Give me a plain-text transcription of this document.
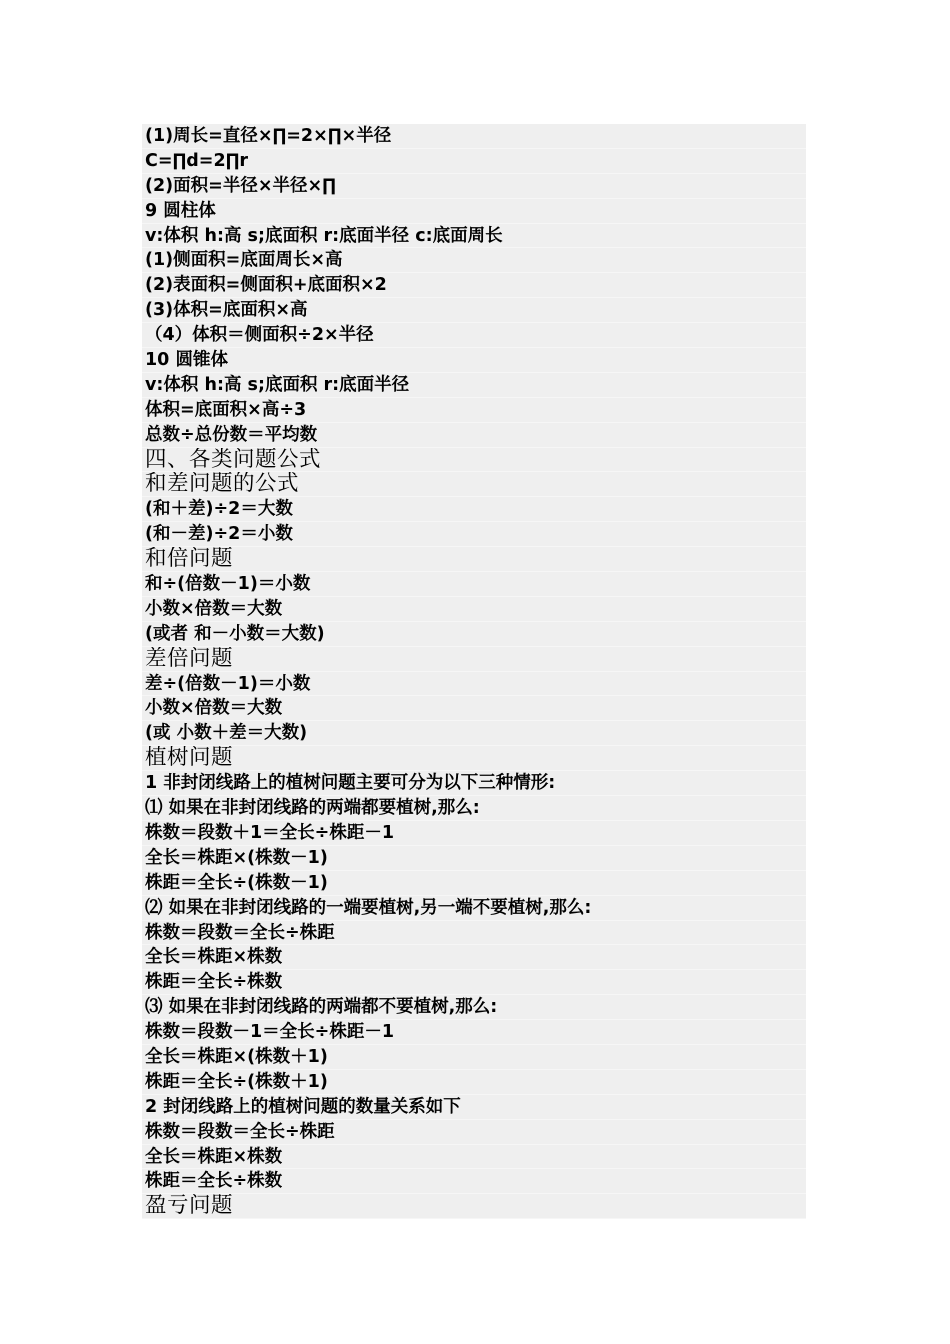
(1)周长=直径×∏=2×∏×半径
C=∏d=2∏r
(2)面积=半径×半径×∏
9 圆柱体
v:体积 h:高 s;底面积 r:底面半径 c:底面周长
(1)侧面积=底面周长×高
(2)表面积=侧面积+底面积×2
(3)体积=底面积×高
（4）体积＝侧面积÷2×半径
10 圆锥体
v:体积 h:高 s;底面积 r:底面半径
体积=底面积×高÷3
总数÷总份数＝平均数
四、各类问题公式
和差问题的公式
(和＋差)÷2＝大数
(和－差)÷2＝小数
和倍问题
和÷(倍数－1)＝小数
小数×倍数＝大数
(或者 和－小数＝大数)
差倍问题
差÷(倍数－1)＝小数
小数×倍数＝大数
(或 小数＋差＝大数)
植树问题
1 非封闭线路上的植树问题主要可分为以下三种情形:
⑴ 如果在非封闭线路的两端都要植树,那么:
株数＝段数＋1＝全长÷株距－1
全长＝株距×(株数－1)
株距＝全长÷(株数－1)
⑵ 如果在非封闭线路的一端要植树,另一端不要植树,那么:
株数＝段数＝全长÷株距
全长＝株距×株数
株距＝全长÷株数
⑶ 如果在非封闭线路的两端都不要植树,那么:
株数＝段数－1＝全长÷株距－1
全长＝株距×(株数＋1)
株距＝全长÷(株数＋1)
2 封闭线路上的植树问题的数量关系如下
株数＝段数＝全长÷株距
全长＝株距×株数
株距＝全长÷株数
盈亏问题
